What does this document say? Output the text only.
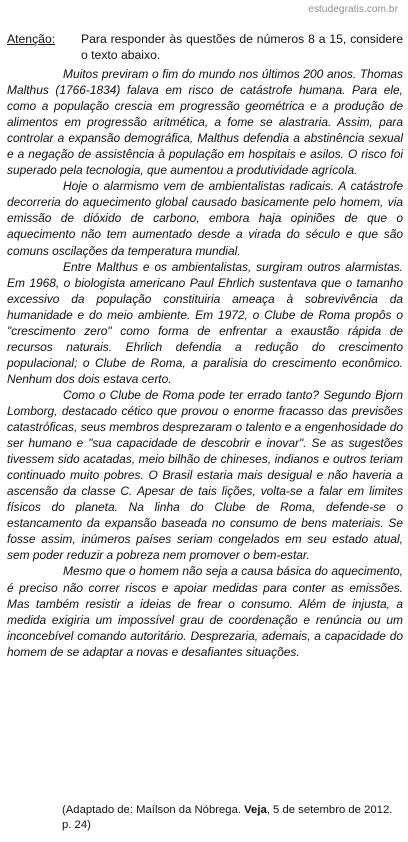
estudegratis.com.br
Atenção: Para responder às questões de números 8 a 15, considere o texto abaixo.

Muitos previram o fim do mundo nos últimos 200 anos. Thomas Malthus (1766-1834) falava em risco de catástrofe humana. Para ele, como a população crescia em progressão geométrica e a produção de alimentos em progressão aritmética, a fome se alastraria. Assim, para controlar a expansão demográfica, Malthus defendia a abstinência sexual e a negação de assistência à população em hospitais e asilos. O risco foi superado pela tecnologia, que aumentou a produtividade agrícola.

Hoje o alarmismo vem de ambientalistas radicais. A catástrofe decorreria do aquecimento global causado basicamente pelo homem, via emissão de dióxido de carbono, embora haja opiniões de que o aquecimento não tem aumentado desde a virada do século e que são comuns oscilações da temperatura mundial.

Entre Malthus e os ambientalistas, surgiram outros alarmistas. Em 1968, o biologista americano Paul Ehrlich sustentava que o tamanho excessivo da população constituiria ameaça à sobrevivência da humanidade e do meio ambiente. Em 1972, o Clube de Roma propôs o "crescimento zero" como forma de enfrentar a exaustão rápida de recursos naturais. Ehrlich defendia a redução do crescimento populacional; o Clube de Roma, a paralisia do crescimento econômico. Nenhum dos dois estava certo.

Como o Clube de Roma pode ter errado tanto? Segundo Bjorn Lomborg, destacado cético que provou o enorme fracasso das previsões catastróficas, seus membros desprezaram o talento e a engenhosidade do ser humano e "sua capacidade de descobrir e inovar". Se as sugestões tivessem sido acatadas, meio bilhão de chineses, indianos e outros teriam continuado muito pobres. O Brasil estaria mais desigual e não haveria a ascensão da classe C. Apesar de tais lições, volta-se a falar em limites físicos do planeta. Na linha do Clube de Roma, defende-se o estancamento da expansão baseada no consumo de bens materiais. Se fosse assim, inúmeros países seriam congelados em seu estado atual, sem poder reduzir a pobreza nem promover o bem-estar.

Mesmo que o homem não seja a causa básica do aquecimento, é preciso não correr riscos e apoiar medidas para conter as emissões. Mas também resistir a ideias de frear o consumo. Além de injusta, a medida exigiria um impossível grau de coordenação e renúncia ou um inconcebível comando autoritário. Desprezaria, ademais, a capacidade do homem de se adaptar a novas e desafiantes situações.

(Adaptado de: Maílson da Nóbrega. Veja, 5 de setembro de 2012. p. 24)
